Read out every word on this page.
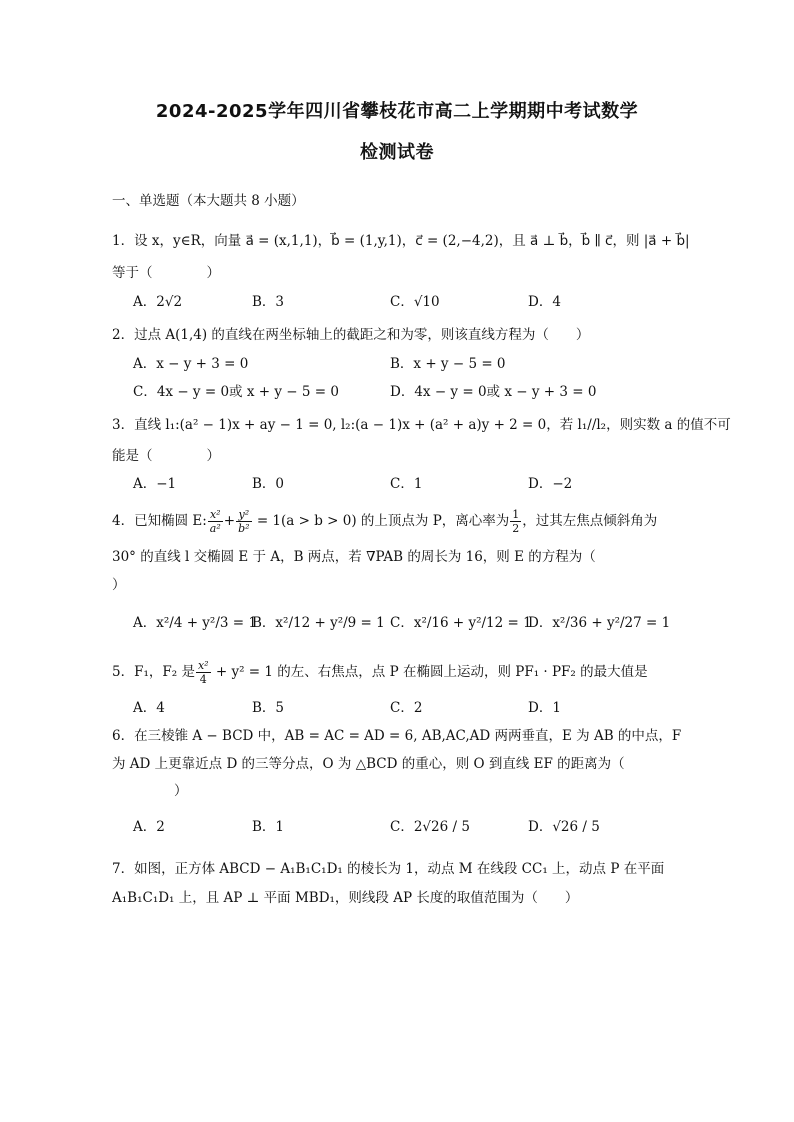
2024-2025学年四川省攀枝花市高二上学期期中考试数学
检测试卷
一、单选题（本大题共 8 小题）
1．设 x，y∈R，向量 a⃗ = (x,1,1)，b⃗ = (1,y,1)，c⃗ = (2,−4,2)，且 a⃗ ⊥ b⃗，b⃗ ∥ c⃗，则 |a⃗ + b⃗|
等于（　　　　）
A．2√2	B．3	C．√10	D．4
2．过点 A(1,4) 的直线在两坐标轴上的截距之和为零，则该直线方程为（　　）
A．x − y + 3 = 0	B．x + y − 5 = 0
C．4x − y = 0或 x + y − 5 = 0	D．4x − y = 0或 x − y + 3 = 0
3．直线 l₁:(a² − 1)x + ay − 1 = 0, l₂:(a − 1)x + (a² + a)y + 2 = 0，若 l₁//l₂，则实数 a 的值不可
能是（　　　　）
A．−1	B．0	C．1	D．−2
4．已知椭圆 E: $\frac{\text{x²}}{\text{a²}} + \frac{\text{y²}}{\text{b²}} = 1(a > b > 0)$ 的上顶点为 P，离心率为 $\frac{1}{2}$ ，过其左焦点倾斜角为
30° 的直线 l 交椭圆 E 于 A，B 两点，若 ∇PAB 的周长为 16，则 E 的方程为（
）
A．x²/4 + y²/3 = 1
B．x²/12 + y²/9 = 1 C．x²/16 + y²/12 = 1
D．x²/36 + y²/27 = 1
5．F₁，F₂ 是 $\frac{\text{x²}}{4} + y^2 = 1$ 的左、右焦点，点 P 在椭圆上运动，则 PF₁ · PF₂ 的最大值是
A．4	B．5	C．2	D．1
6．在三棱锥 A − BCD 中，AB = AC = AD = 6, AB,AC,AD 两两垂直，E 为 AB 的中点，F
为 AD 上更靠近点 D 的三等分点，O 为 △BCD 的重心，则 O 到直线 EF 的距离为（
）
A．2	B．1	C．2√26 / 5	D．√26 / 5
7．如图，正方体 ABCD − A₁B₁C₁D₁ 的棱长为 1，动点 M 在线段 CC₁ 上，动点 P 在平面
A₁B₁C₁D₁ 上，且 AP ⊥ 平面 MBD₁，则线段 AP 长度的取值范围为（　　）
